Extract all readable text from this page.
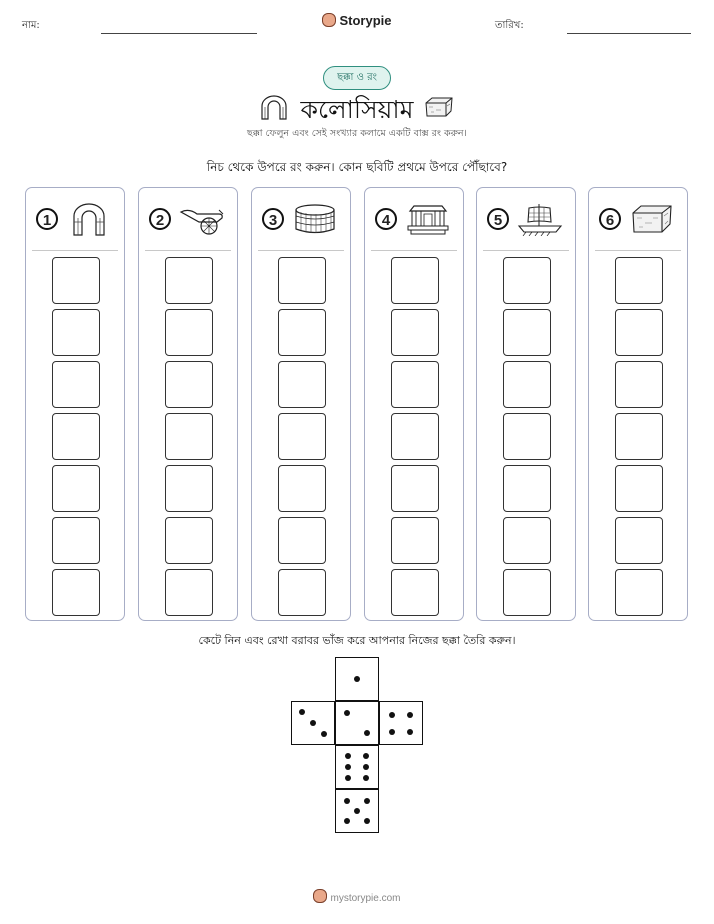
নাম:	Storypie	তারিখ:
ছক্কা ও রং
কলোসিয়াম
ছক্কা ফেলুন এবং সেই সংখ্যার কলামে একটি বাক্স রং করুন।
নিচ থেকে উপরে রং করুন। কোন ছবিটি প্রথমে উপরে পৌঁছাবে?
1	2	3	4	5	6
কেটে নিন এবং রেখা বরাবর ভাঁজ করে আপনার নিজের ছক্কা তৈরি করুন।
mystorypie.com
